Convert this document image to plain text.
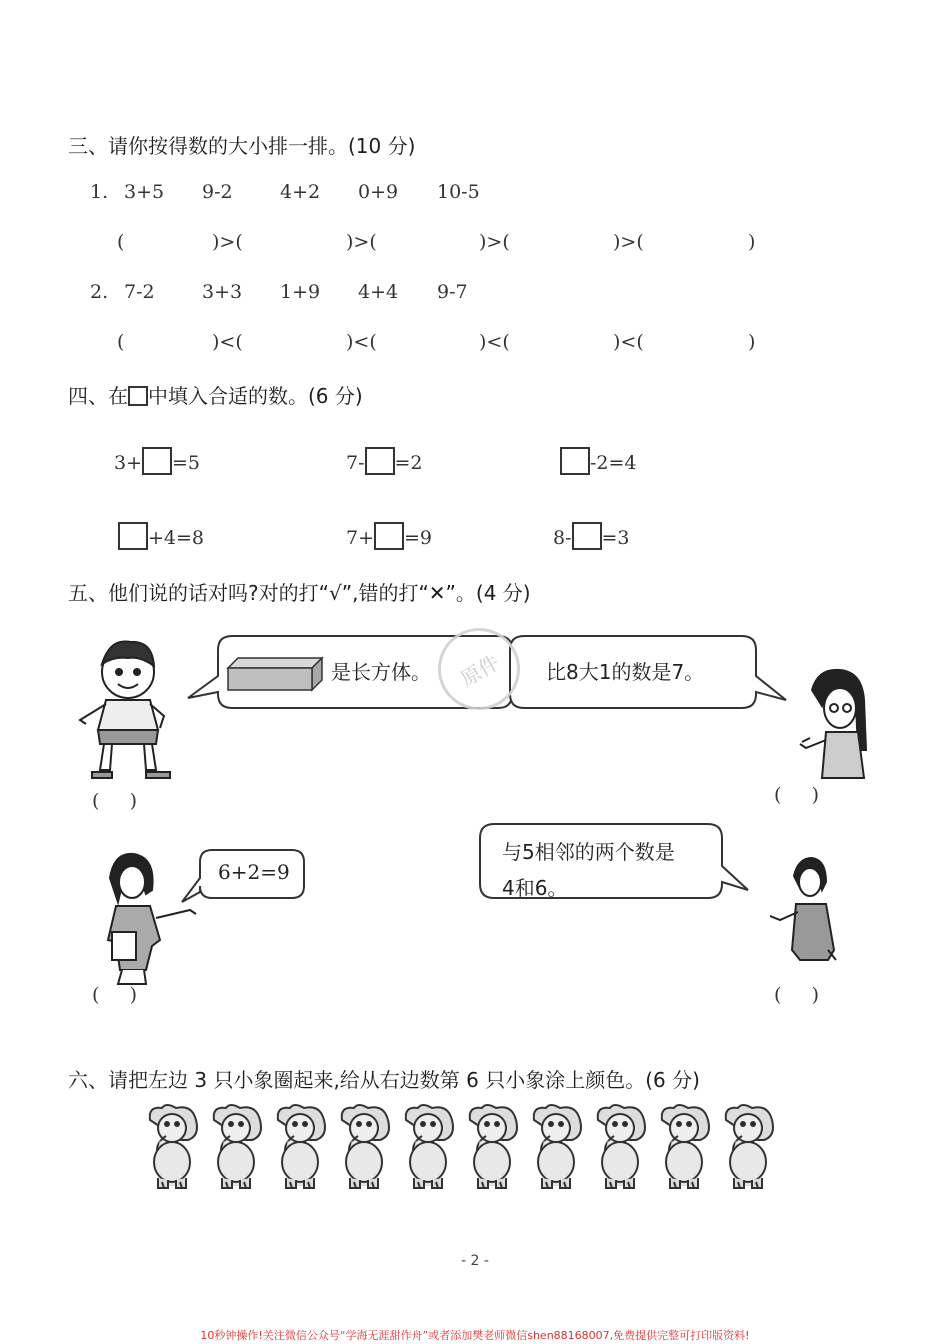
三、请你按得数的大小排一排。(10 分)
1. 3+5 9-2 4+2 0+9 10-5
(	)>(	)>(	)>(	)>(	)
2. 7-2 3+3 1+9 4+4 9-7
(	)<(	)<(	)<(	)<(	)
四、在 中填入合适的数。(6 分)
3+ =5	7- =2	-2=4
+4=8	7+ =9	8- =3
五、他们说的话对吗?对的打“√”,错的打“✕”。(4 分)
原件
是长方体。	比8大1的数是7。
6+2=9
与5相邻的两个数是
4和6。
(     )	(     )
(     )	(     )
六、请把左边 3 只小象圈起来,给从右边数第 6 只小象涂上颜色。(6 分)
- 2 -
10秒钟操作!关注微信公众号“学海无涯甜作舟”或者添加樊老师微信shen88168007,免费提供完整可打印版资料!
